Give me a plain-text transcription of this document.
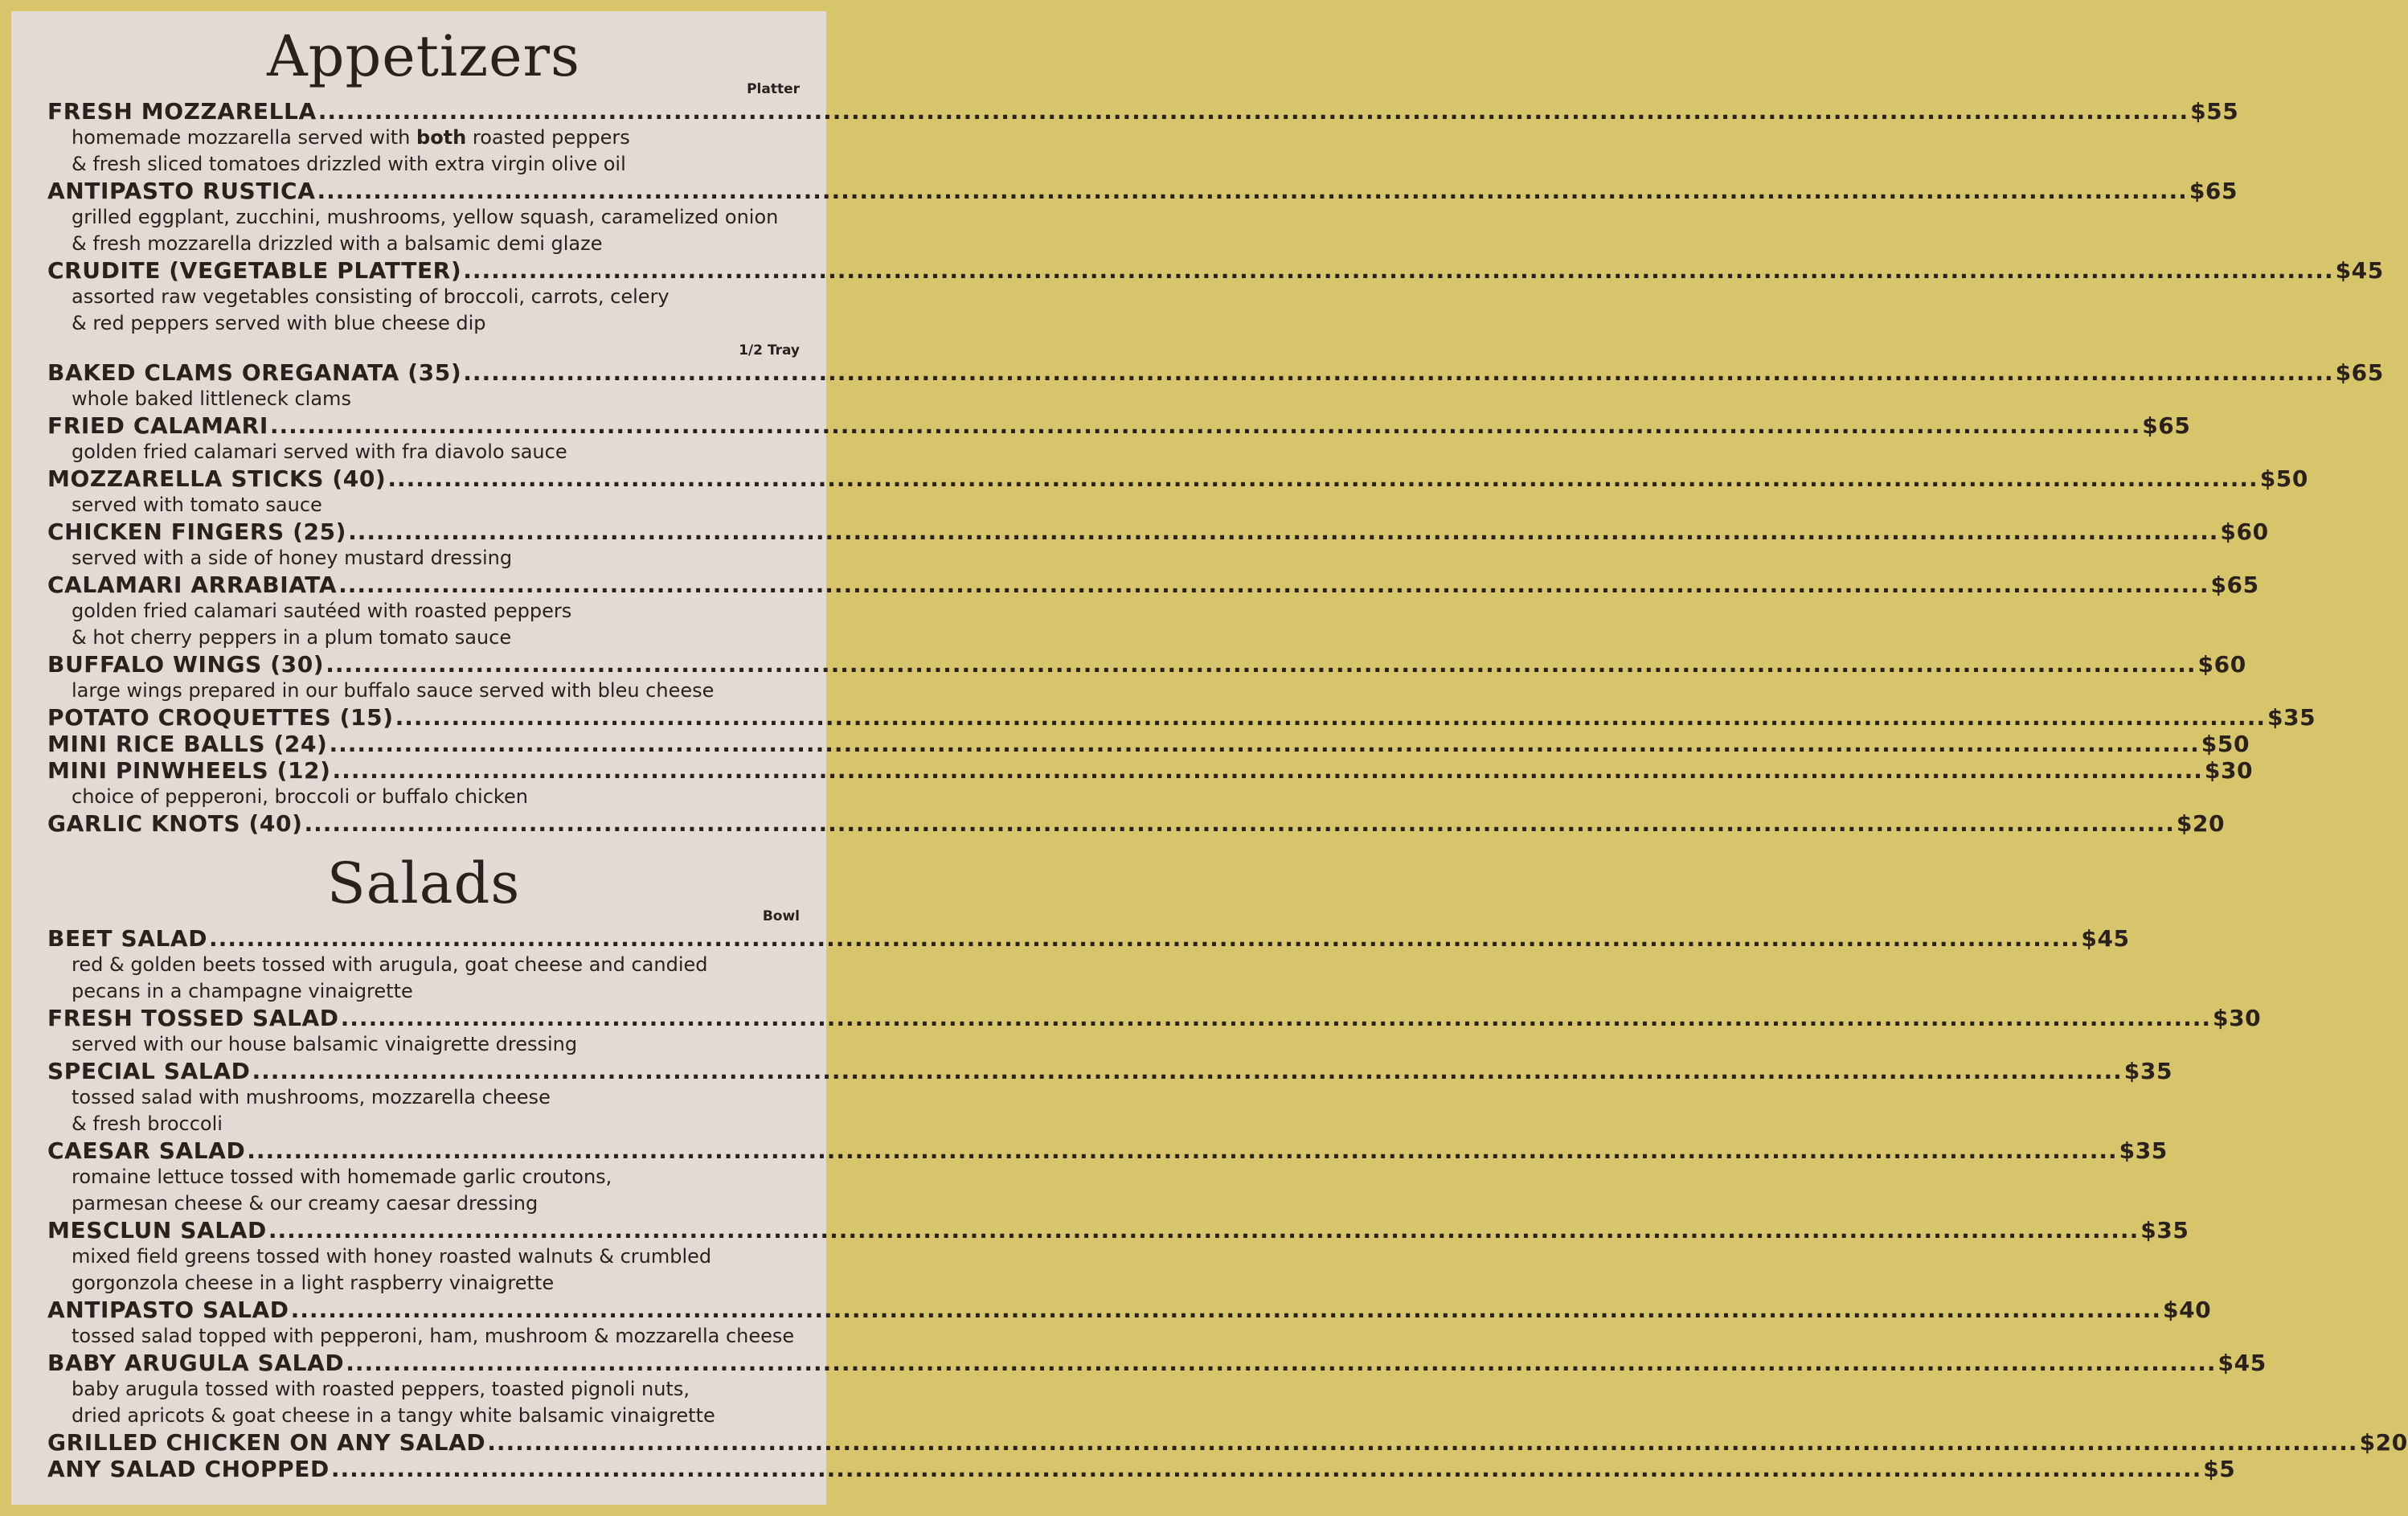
Appetizers	Platter
FRESH MOZZARELLA ........................................................................................................................................................................................................ $55
homemade mozzarella served with both roasted peppers
& fresh sliced tomatoes drizzled with extra virgin olive oil
ANTIPASTO RUSTICA ........................................................................................................................................................................................................ $65
grilled eggplant, zucchini, mushrooms, yellow squash, caramelized onion
& fresh mozzarella drizzled with a balsamic demi glaze
CRUDITE (VEGETABLE PLATTER) ........................................................................................................................................................................................................ $45
assorted raw vegetables consisting of broccoli, carrots, celery
& red peppers served with blue cheese dip
1/2 Tray
BAKED CLAMS OREGANATA (35) ........................................................................................................................................................................................................ $65
whole baked littleneck clams
FRIED CALAMARI ........................................................................................................................................................................................................ $65
golden fried calamari served with fra diavolo sauce
MOZZARELLA STICKS (40) ........................................................................................................................................................................................................ $50
served with tomato sauce
CHICKEN FINGERS (25) ........................................................................................................................................................................................................ $60
served with a side of honey mustard dressing
CALAMARI ARRABIATA ........................................................................................................................................................................................................ $65
golden fried calamari sautéed with roasted peppers
& hot cherry peppers in a plum tomato sauce
BUFFALO WINGS (30) ........................................................................................................................................................................................................ $60
large wings prepared in our buffalo sauce served with bleu cheese
POTATO CROQUETTES (15) ........................................................................................................................................................................................................ $35
MINI RICE BALLS (24) ........................................................................................................................................................................................................ $50
MINI PINWHEELS (12) ........................................................................................................................................................................................................ $30
choice of pepperoni, broccoli or buffalo chicken
GARLIC KNOTS (40) ........................................................................................................................................................................................................ $20
Salads	Bowl
BEET SALAD ........................................................................................................................................................................................................ $45
red & golden beets tossed with arugula, goat cheese and candied
pecans in a champagne vinaigrette
FRESH TOSSED SALAD ........................................................................................................................................................................................................ $30
served with our house balsamic vinaigrette dressing
SPECIAL SALAD ........................................................................................................................................................................................................ $35
tossed salad with mushrooms, mozzarella cheese
& fresh broccoli
CAESAR SALAD ........................................................................................................................................................................................................ $35
romaine lettuce tossed with homemade garlic croutons,
parmesan cheese & our creamy caesar dressing
MESCLUN SALAD ........................................................................................................................................................................................................ $35
mixed field greens tossed with honey roasted walnuts & crumbled
gorgonzola cheese in a light raspberry vinaigrette
ANTIPASTO SALAD ........................................................................................................................................................................................................ $40
tossed salad topped with pepperoni, ham, mushroom & mozzarella cheese
BABY ARUGULA SALAD ........................................................................................................................................................................................................ $45
baby arugula tossed with roasted peppers, toasted pignoli nuts,
dried apricots & goat cheese in a tangy white balsamic vinaigrette
GRILLED CHICKEN ON ANY SALAD ........................................................................................................................................................................................................ $20
ANY SALAD CHOPPED ........................................................................................................................................................................................................ $5
